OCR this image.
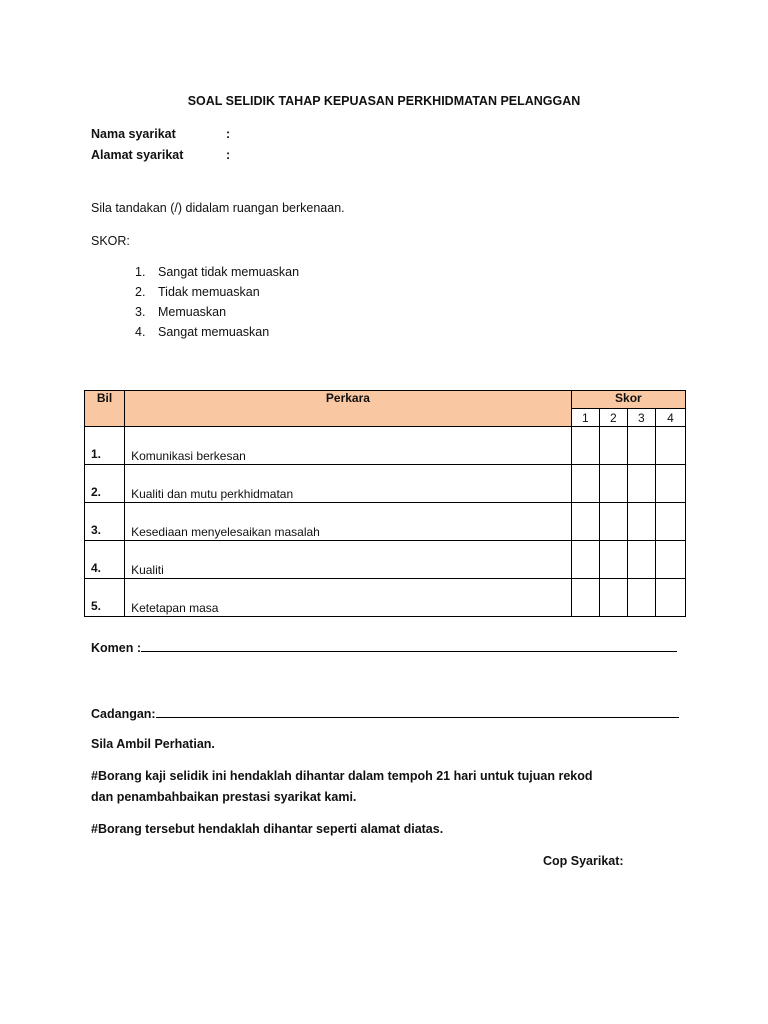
SOAL SELIDIK TAHAP KEPUASAN PERKHIDMATAN PELANGGAN
Nama syarikat	:
Alamat syarikat	:
Sila tandakan (/) didalam ruangan berkenaan.
SKOR:
1.	Sangat tidak memuaskan
2.	Tidak memuaskan
3.	Memuaskan
4.	Sangat memuaskan
Bil	Perkara	Skor			
		1	2	3	4
1.	Komunikasi berkesan				
2.	Kualiti dan mutu perkhidmatan				
3.	Kesediaan menyelesaikan masalah				
4.	Kualiti				
5.	Ketetapan masa				
Komen :
Cadangan:
Sila Ambil Perhatian.
#Borang kaji selidik ini hendaklah dihantar dalam tempoh 21 hari untuk tujuan rekod dan penambahbaikan prestasi syarikat kami.
#Borang tersebut hendaklah dihantar seperti alamat diatas.
Cop Syarikat:
